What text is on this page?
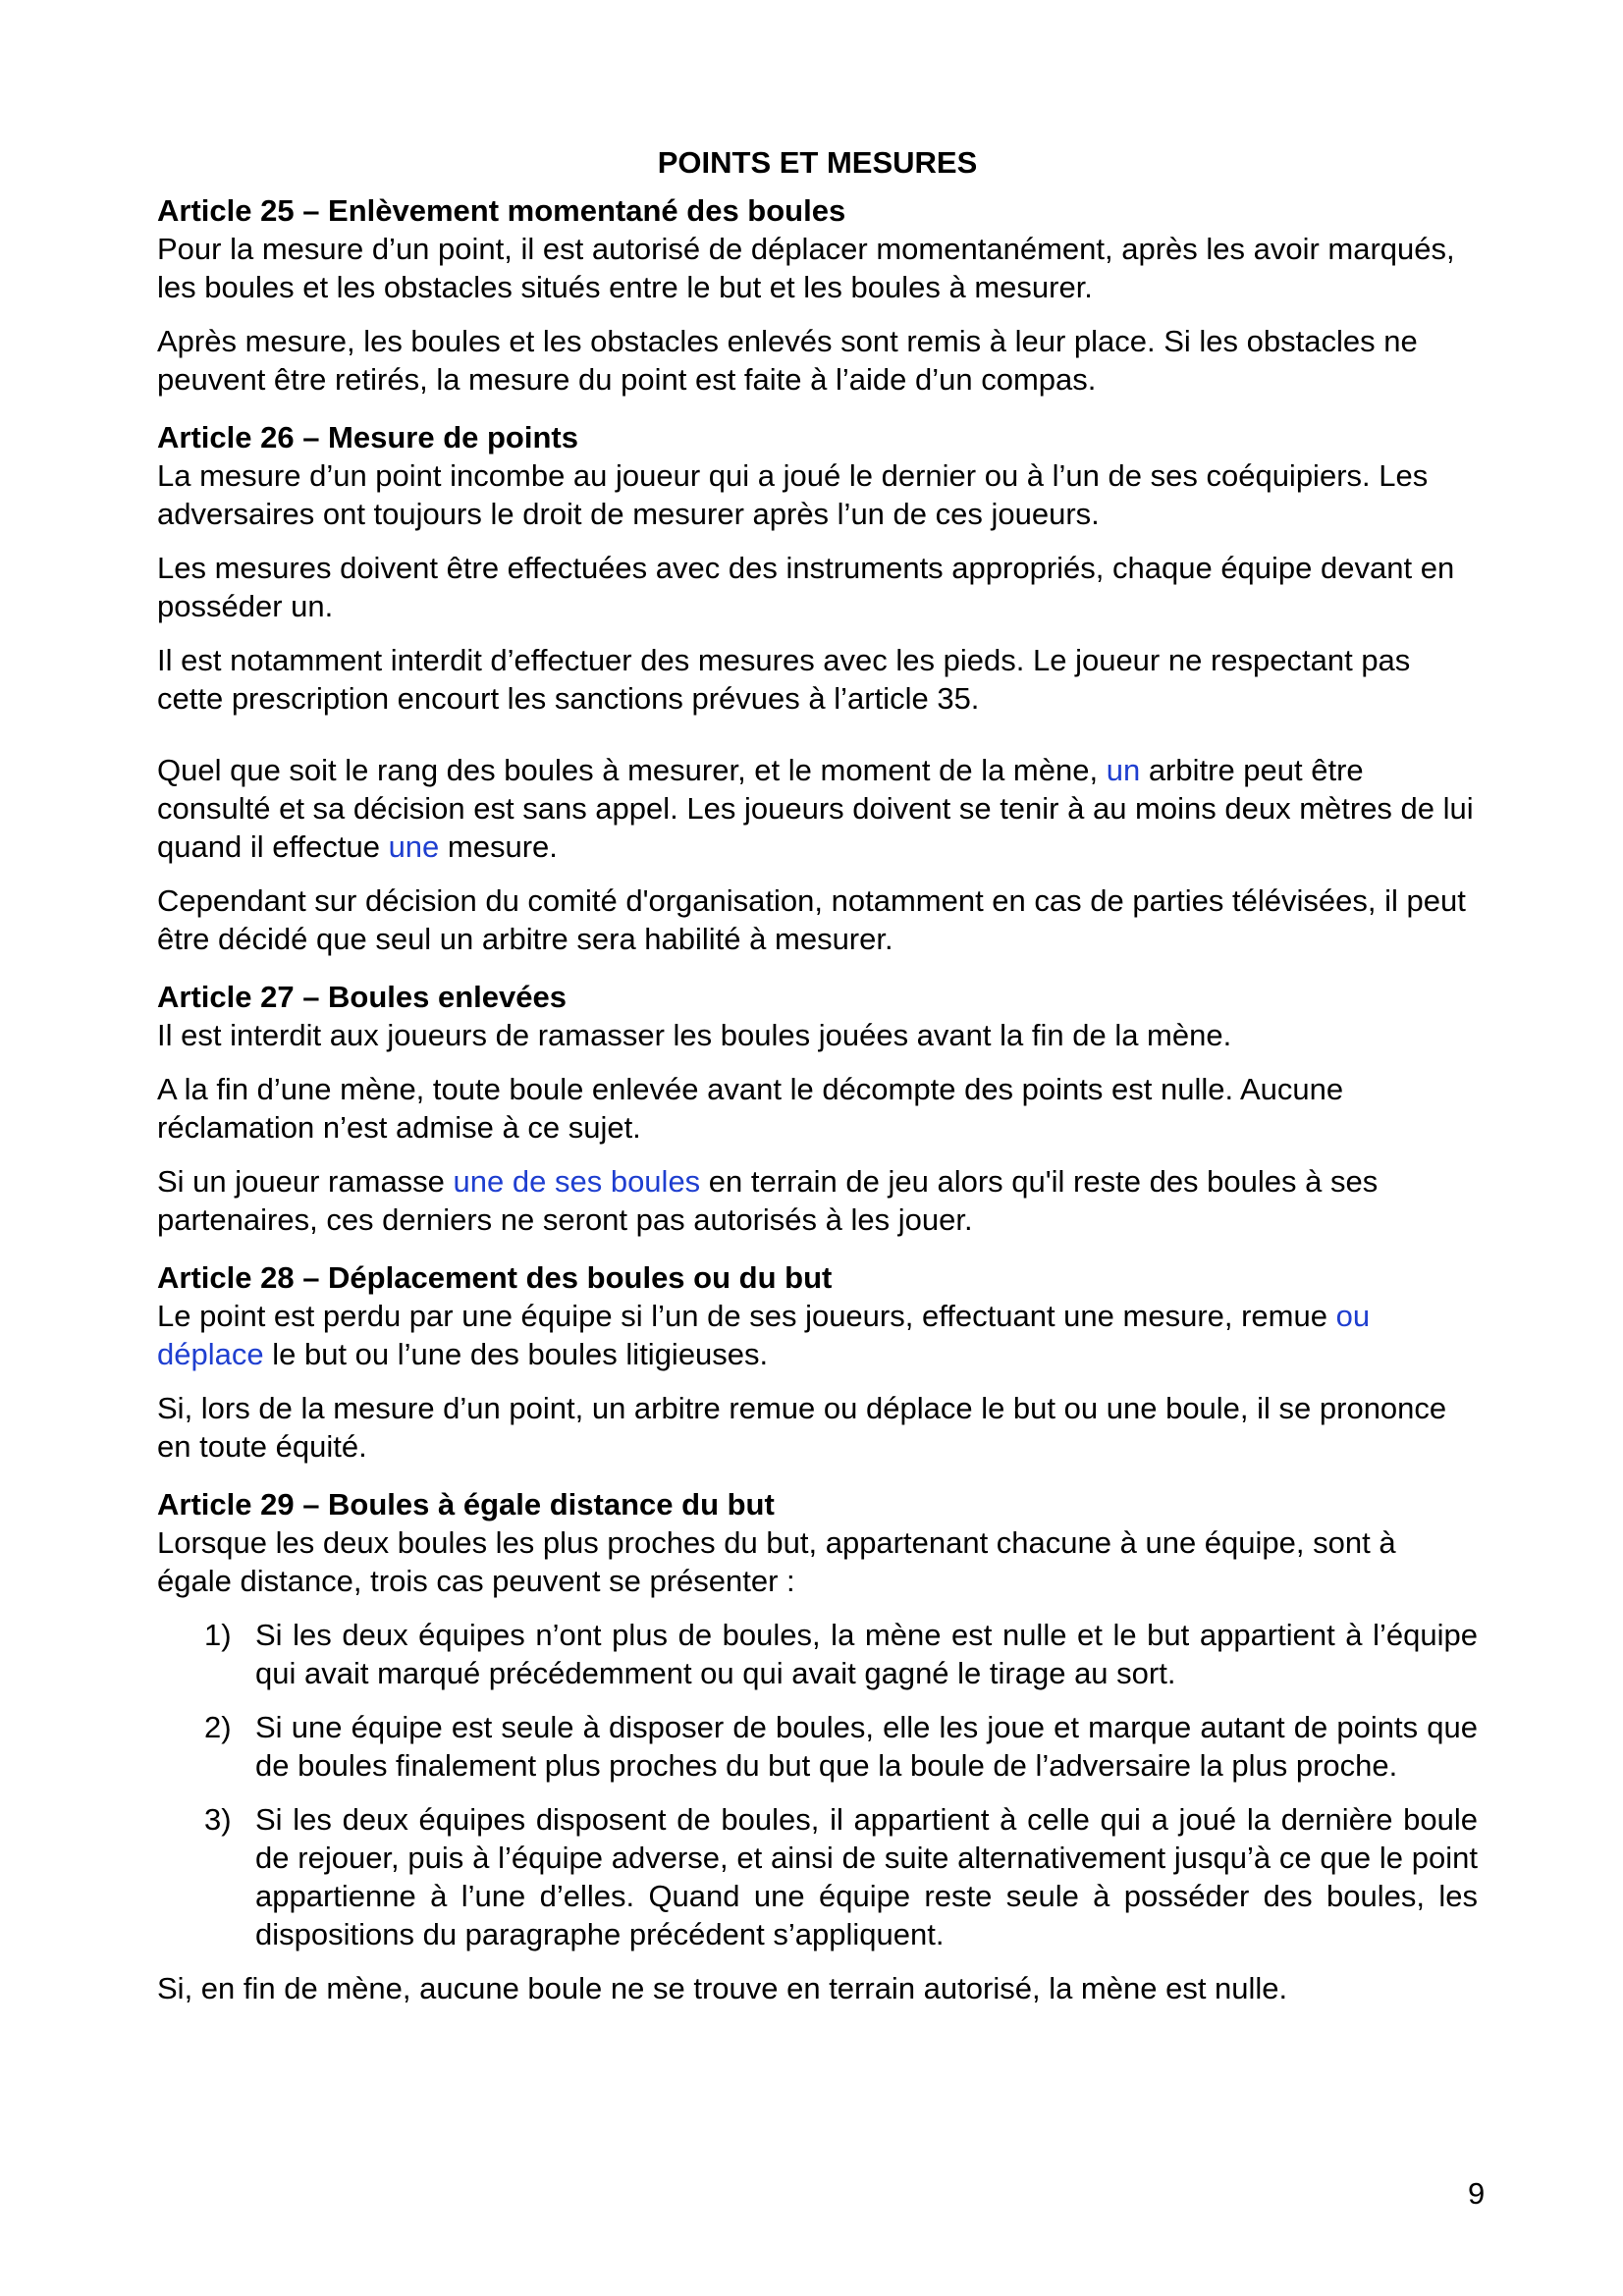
POINTS ET MESURES
Article 25 – Enlèvement momentané des boules

Pour la mesure d’un point, il est autorisé de déplacer momentanément, après les avoir marqués, les boules et les obstacles situés entre le but et les boules à mesurer.

Après mesure, les boules et les obstacles enlevés sont remis à leur place. Si les obstacles ne peuvent être retirés, la mesure du point est faite à l’aide d’un compas.

Article 26 – Mesure de points

La mesure d’un point incombe au joueur qui a joué le dernier ou à l’un de ses coéquipiers. Les adversaires ont toujours le droit de mesurer après l’un de ces joueurs.

Les mesures doivent être effectuées avec des instruments appropriés, chaque équipe devant en posséder un.

Il est notamment interdit d’effectuer des mesures avec les pieds. Le joueur ne respectant pas cette prescription encourt les sanctions prévues à l’article 35.

Quel que soit le rang des boules à mesurer, et le moment de la mène, un arbitre peut être consulté et sa décision est sans appel. Les joueurs doivent se tenir à au moins deux mètres de lui quand il effectue une mesure.

Cependant sur décision du comité d'organisation, notamment en cas de parties télévisées, il peut être décidé que seul un arbitre sera habilité à mesurer.

Article 27 – Boules enlevées

Il est interdit aux joueurs de ramasser les boules jouées avant la fin de la mène.

A la fin d’une mène, toute boule enlevée avant le décompte des points est nulle. Aucune réclamation n’est admise à ce sujet.

Si un joueur ramasse une de ses boules en terrain de jeu alors qu'il reste des boules à ses partenaires, ces derniers ne seront pas autorisés à les jouer.

Article 28 – Déplacement des boules ou du but

Le point est perdu par une équipe si l’un de ses joueurs, effectuant une mesure, remue ou déplace le but ou l’une des boules litigieuses.

Si, lors de la mesure d’un point, un arbitre remue ou déplace le but ou une boule, il se prononce en toute équité.

Article 29 – Boules à égale distance du but

Lorsque les deux boules les plus proches du but, appartenant chacune à une équipe, sont à égale distance, trois cas peuvent se présenter :

1) Si les deux équipes n’ont plus de boules, la mène est nulle et le but appartient à l’équipe qui avait marqué précédemment ou qui avait gagné le tirage au sort.
2) Si une équipe est seule à disposer de boules, elle les joue et marque autant de points que de boules finalement plus proches du but que la boule de l’adversaire la plus proche.
3) Si les deux équipes disposent de boules, il appartient à celle qui a joué la dernière boule de rejouer, puis à l’équipe adverse, et ainsi de suite alternativement jusqu’à ce que le point appartienne à l’une d’elles. Quand une équipe reste seule à posséder des boules, les dispositions du paragraphe précédent s’appliquent.

Si, en fin de mène, aucune boule ne se trouve en terrain autorisé, la mène est nulle.

9
